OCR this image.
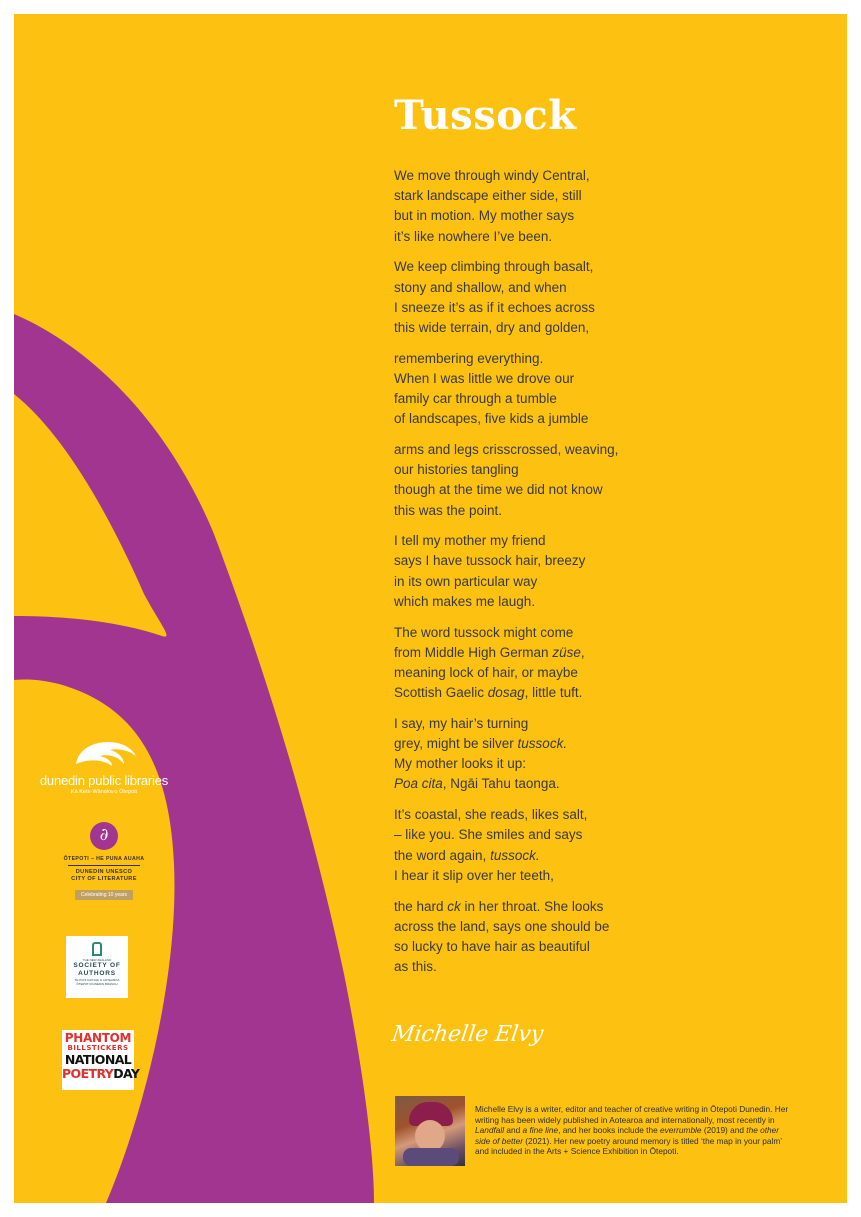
Tussock
We move through windy Central,
stark landscape either side, still
but in motion. My mother says
it’s like nowhere I’ve been.
We keep climbing through basalt,
stony and shallow, and when
I sneeze it’s as if it echoes across
this wide terrain, dry and golden,
remembering everything.
When I was little we drove our
family car through a tumble
of landscapes, five kids a jumble
arms and legs crisscrossed, weaving,
our histories tangling
though at the time we did not know
this was the point.
I tell my mother my friend
says I have tussock hair, breezy
in its own particular way
which makes me laugh.
The word tussock might come
from Middle High German züse,
meaning lock of hair, or maybe
Scottish Gaelic dosag, little tuft.
I say, my hair’s turning
grey, might be silver tussock.
My mother looks it up:
Poa cita, Ngāi Tahu taonga.
It’s coastal, she reads, likes salt,
– like you. She smiles and says
the word again, tussock.
I hear it slip over her teeth,
the hard ck in her throat. She looks
across the land, says one should be
so lucky to have hair as beautiful
as this.
Michelle Elvy
Michelle Elvy is a writer, editor and teacher of creative writing in Ōtepoti Dunedin. Her writing has been widely published in Aotearoa and internationally, most recently in Landfall and a fine line, and her books include the everrumble (2019) and the other side of better (2021). Her new poetry around memory is titled ‘the map in your palm’ and included in the Arts + Science Exhibition in Ōtepoti.
dunedin public libraries
Kā Kete Wānaka o Ōtepoti
∂
ŌTEPOTI – HE PUNA AUAHA
DUNEDIN UNESCO
CITY OF LITERATURE
Celebrating 10 years
THE NEW ZEALAND
SOCIETY OF
AUTHORS
TE PUNI KAITUHI O AOTEAROA
ŌTEPOTI DUNEDIN BRANCH
PHANTOM
BILLSTICKERS
NATIONAL
POETRYDAY
